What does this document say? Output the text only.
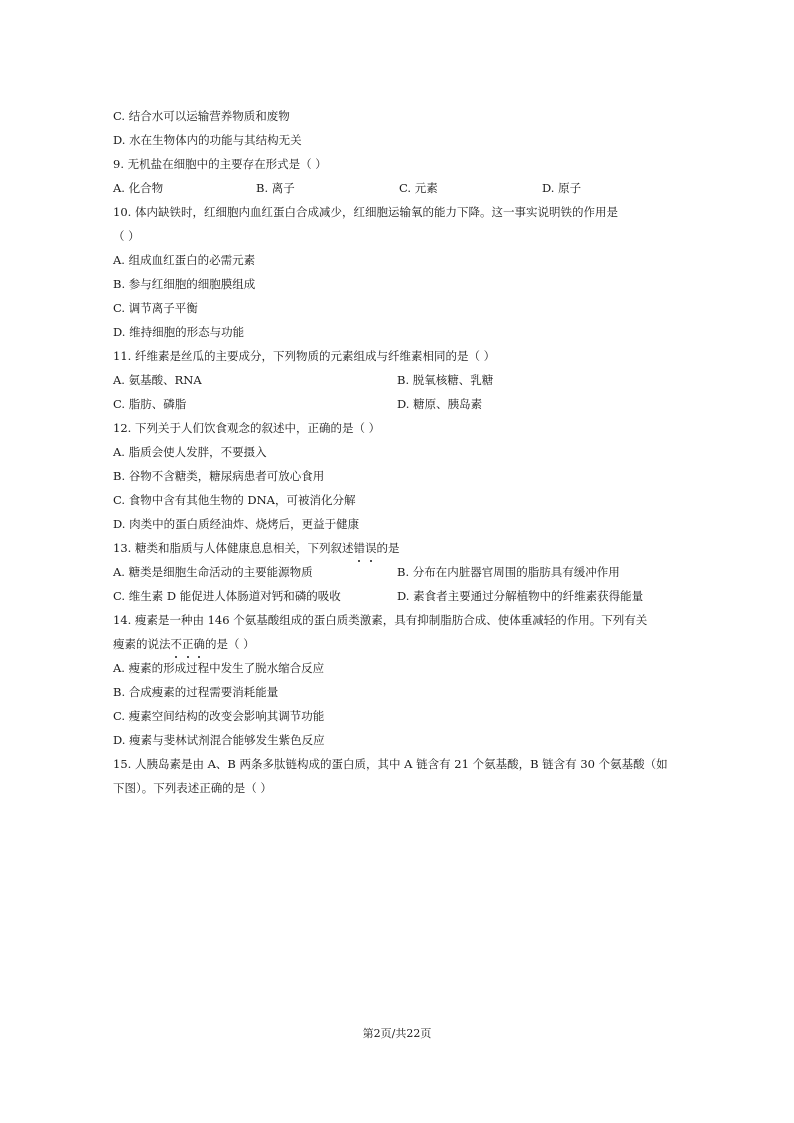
C. 结合水可以运输营养物质和废物
D. 水在生物体内的功能与其结构无关
9. 无机盐在细胞中的主要存在形式是（ ）
A. 化合物	B. 离子	C. 元素	D. 原子
10. 体内缺铁时，红细胞内血红蛋白合成减少，红细胞运输氧的能力下降。这一事实说明铁的作用是
（ ）
A. 组成血红蛋白的必需元素
B. 参与红细胞的细胞膜组成
C. 调节离子平衡
D. 维持细胞的形态与功能
11. 纤维素是丝瓜的主要成分，下列物质的元素组成与纤维素相同的是（ ）
A. 氨基酸、RNA	B. 脱氧核糖、乳糖
C. 脂肪、磷脂	D. 糖原、胰岛素
12. 下列关于人们饮食观念的叙述中，正确的是（ ）
A. 脂质会使人发胖，不要摄入
B. 谷物不含糖类，糖尿病患者可放心食用
C. 食物中含有其他生物的 DNA，可被消化分解
D. 肉类中的蛋白质经油炸、烧烤后，更益于健康
13. 糖类和脂质与人体健康息息相关，下列叙述错误的是
A. 糖类是细胞生命活动的主要能源物质	B. 分布在内脏器官周围的脂肪具有缓冲作用
C. 维生素 D 能促进人体肠道对钙和磷的吸收	D. 素食者主要通过分解植物中的纤维素获得能量
14. 瘦素是一种由 146 个氨基酸组成的蛋白质类激素，具有抑制脂肪合成、使体重减轻的作用。下列有关
瘦素的说法不正确的是（ ）
A. 瘦素的形成过程中发生了脱水缩合反应
B. 合成瘦素的过程需要消耗能量
C. 瘦素空间结构的改变会影响其调节功能
D. 瘦素与斐林试剂混合能够发生紫色反应
15. 人胰岛素是由 A、B 两条多肽链构成的蛋白质，其中 A 链含有 21 个氨基酸，B 链含有 30 个氨基酸（如
下图）。下列表述正确的是（ ）
第2页/共22页
